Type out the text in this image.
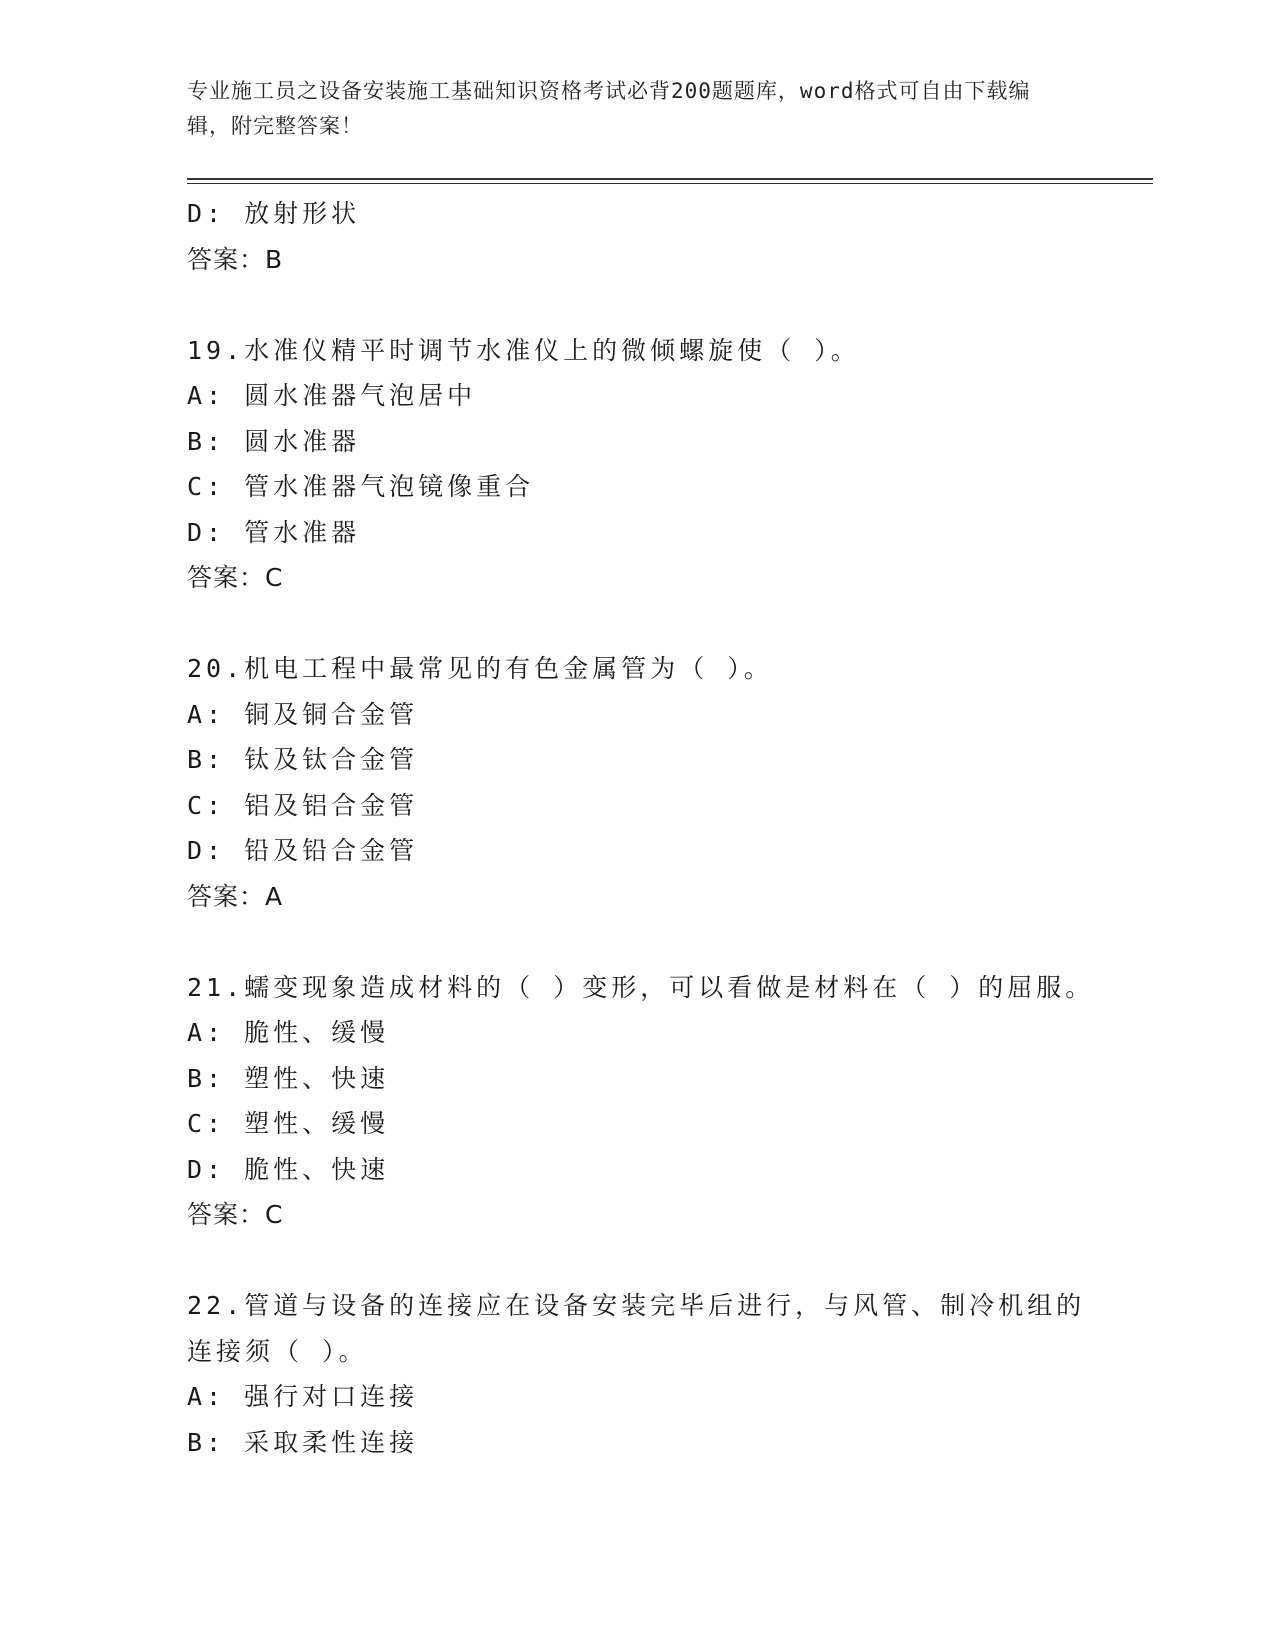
专业施工员之设备安装施工基础知识资格考试必背200题题库，word格式可自由下载编辑，附完整答案！
D: 放射形状
答案：B
19.水准仪精平时调节水准仪上的微倾螺旋使（ ）。
A: 圆水准器气泡居中
B: 圆水准器
C: 管水准器气泡镜像重合
D: 管水准器
答案：C
20.机电工程中最常见的有色金属管为（ ）。
A: 铜及铜合金管
B: 钛及钛合金管
C: 铝及铝合金管
D: 铅及铅合金管
答案：A
21.蠕变现象造成材料的（ ）变形，可以看做是材料在（ ）的屈服。
A: 脆性、缓慢
B: 塑性、快速
C: 塑性、缓慢
D: 脆性、快速
答案：C
22.管道与设备的连接应在设备安装完毕后进行，与风管、制冷机组的
连接须（ ）。
A: 强行对口连接
B: 采取柔性连接
